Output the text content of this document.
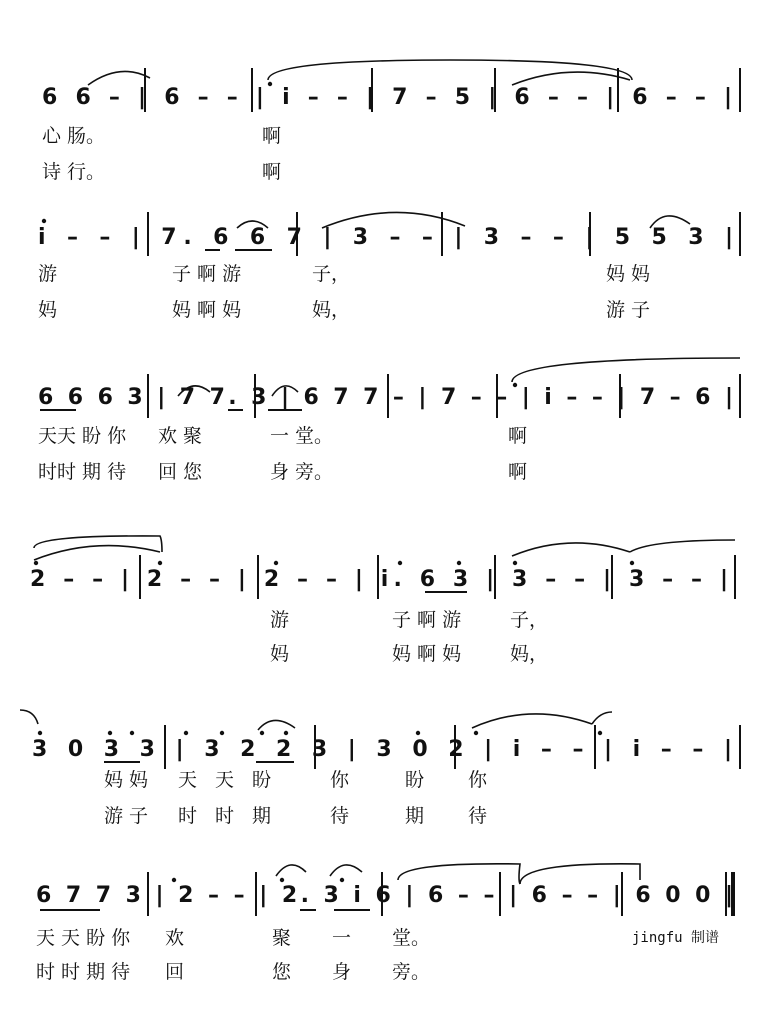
6 6 – | 6 – – | i – – | 7 – 5 | 6 – – | 6 – – |
心 肠。	啊
诗 行。	啊
i – – | 7. 6 6 7 | 3 – – | 3 – – | 5 5 3 |
游	子 啊 游	子，	妈 妈
妈	妈 啊 妈	妈，	游 子
6 6 6 3 | 7 7. 3 | 6 7 7 – | 7 – – | i – – | 7 – 6 |
天天 盼 你 欢 聚	一 堂。	啊
时时 期 待 回 您	身 旁。	啊
2 – – | 2 – – | 2 – – | i. 6 3 | 3 – – | 3 – – |
游	子 啊 游	子，
妈	妈 啊 妈	妈，
3 0 3 3 | 3 2 2 3 | 3 0 2 | i – – | i – – |
妈 妈 天 天 盼	你	盼 你
游 子 时 时 期	待	期 待
6 7 7 3 | 2 – – | 2. 3 i 6 | 6 – – | 6 – – | 6 0 0 ‖
天 天 盼 你 欢	聚 一 堂。
时 时 期 待 回	您 身 旁。
jingfu 制谱
